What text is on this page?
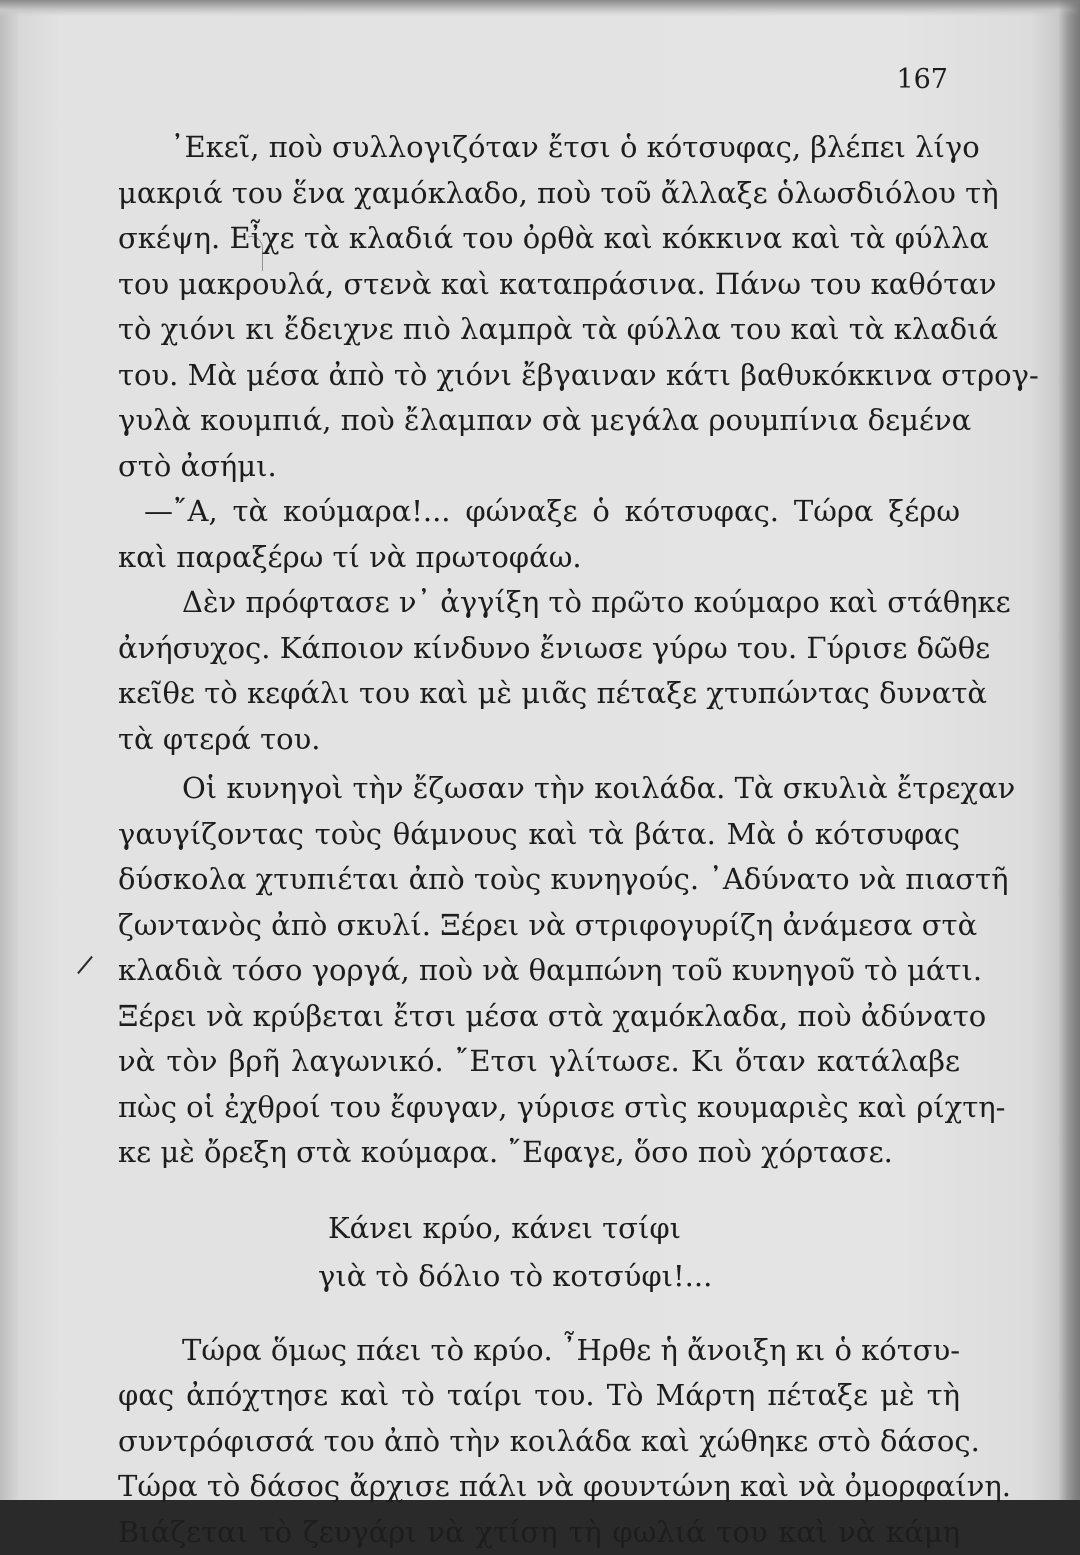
167
᾿Εκεῖ, ποὺ συλλογιζόταν ἔτσι ὁ κότσυφας, βλέπει λίγο
μακριά του ἕνα χαμόκλαδο, ποὺ τοῦ ἄλλαξε ὁλωσδιόλου τὴ
σκέψη. Εἶχε τὰ κλαδιά του ὀρθὰ καὶ κόκκινα καὶ τὰ φύλλα
του μακρουλά, στενὰ καὶ καταπράσινα. Πάνω του καθόταν
τὸ χιόνι κι ἔδειχνε πιὸ λαμπρὰ τὰ φύλλα του καὶ τὰ κλαδιά
του. Μὰ μέσα ἀπὸ τὸ χιόνι ἔβγαιναν κάτι βαθυκόκκινα στρογ-
γυλὰ κουμπιά, ποὺ ἔλαμπαν σὰ μεγάλα ρουμπίνια δεμένα
στὸ ἀσήμι.
—῎Α, τὰ κούμαρα!... φώναξε ὁ κότσυφας. Τώρα ξέρω
καὶ παραξέρω τί νὰ πρωτοφάω.
Δὲν πρόφτασε ν᾿ ἀγγίξη τὸ πρῶτο κούμαρο καὶ στάθηκε
ἀνήσυχος. Κάποιον κίνδυνο ἔνιωσε γύρω του. Γύρισε δῶθε
κεῖθε τὸ κεφάλι του καὶ μὲ μιᾶς πέταξε χτυπώντας δυνατὰ
τὰ φτερά του.
Οἱ κυνηγοὶ τὴν ἔζωσαν τὴν κοιλάδα. Τὰ σκυλιὰ ἔτρεχαν
γαυγίζοντας τοὺς θάμνους καὶ τὰ βάτα. Μὰ ὁ κότσυφας
δύσκολα χτυπιέται ἀπὸ τοὺς κυνηγούς. ᾿Αδύνατο νὰ πιαστῆ
ζωντανὸς ἀπὸ σκυλί. Ξέρει νὰ στριφογυρίζη ἀνάμεσα στὰ
κλαδιὰ τόσο γοργά, ποὺ νὰ θαμπώνη τοῦ κυνηγοῦ τὸ μάτι.
Ξέρει νὰ κρύβεται ἔτσι μέσα στὰ χαμόκλαδα, ποὺ ἀδύνατο
νὰ τὸν βρῆ λαγωνικό. ῎Ετσι γλίτωσε. Κι ὅταν κατάλαβε
πὼς οἱ ἐχθροί του ἔφυγαν, γύρισε στὶς κουμαριὲς καὶ ρίχτη-
κε μὲ ὄρεξη στὰ κούμαρα. ῎Εφαγε, ὅσο ποὺ χόρτασε.
Κάνει κρύο, κάνει τσίφι
γιὰ τὸ δόλιο τὸ κοτσύφι!...
Τώρα ὅμως πάει τὸ κρύο. ῏Ηρθε ἡ ἄνοιξη κι ὁ κότσυ-
φας ἀπόχτησε καὶ τὸ ταίρι του. Τὸ Μάρτη πέταξε μὲ τὴ
συντρόφισσά του ἀπὸ τὴν κοιλάδα καὶ χώθηκε στὸ δάσος.
Τώρα τὸ δάσος ἄρχισε πάλι νὰ φουντώνη καὶ νὰ ὀμορφαίνη.
Βιάζεται τὸ ζευγάρι νὰ χτίση τὴ φωλιά του καὶ νὰ κάμη
